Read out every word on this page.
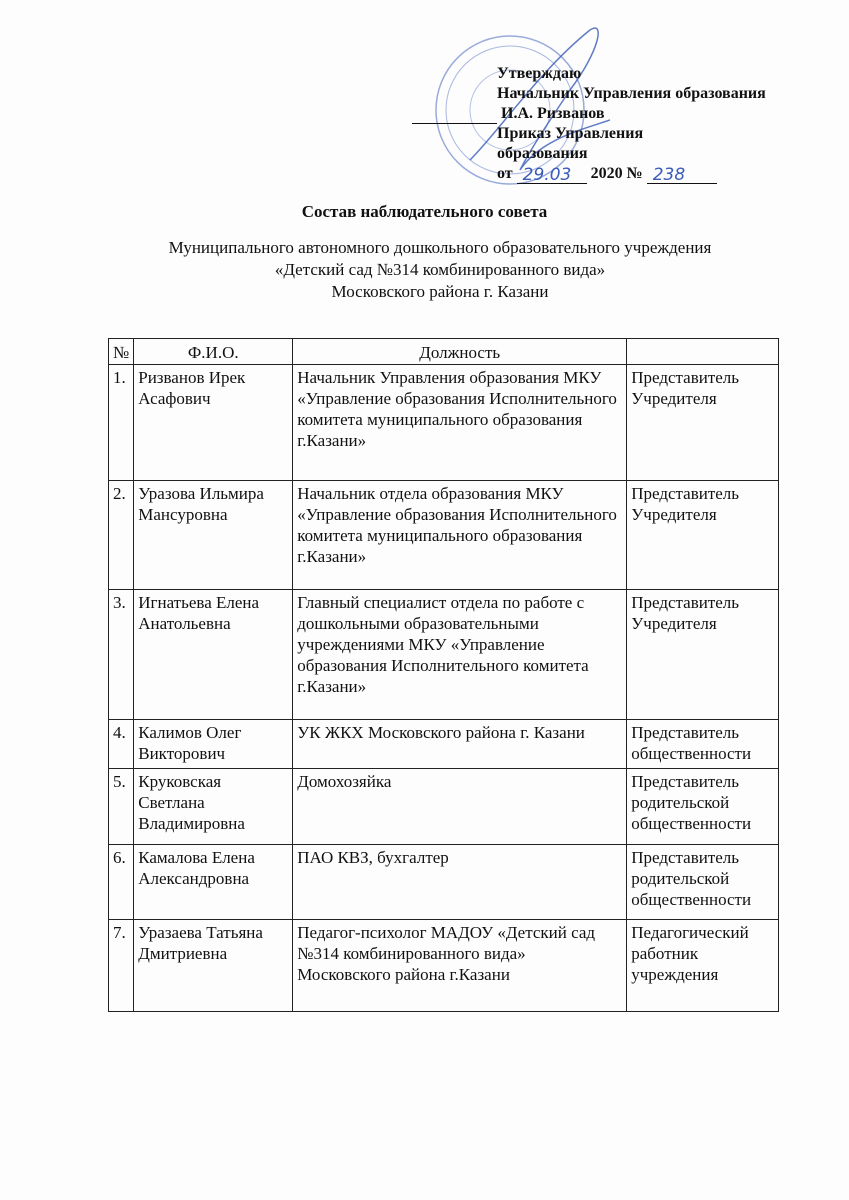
Утверждаю
Начальник Управления образования
И.А. Ризванов
Приказ Управления
образования
от 29.03 2020 № 238
Состав наблюдательного совета
Муниципального автономного дошкольного образовательного учреждения
«Детский сад №314 комбинированного вида»
Московского района г. Казани
№	Ф.И.О.	Должность	
1.	Ризванов Ирек Асафович	Начальник Управления образования МКУ «Управление образования Исполнительного комитета муниципального образования г.Казани»	Представитель Учредителя
2.	Уразова Ильмира Мансуровна	Начальник отдела образования МКУ «Управление образования Исполнительного комитета муниципального образования г.Казани»	Представитель Учредителя
3.	Игнатьева Елена Анатольевна	Главный специалист отдела по работе с дошкольными образовательными учреждениями МКУ «Управление образования Исполнительного комитета г.Казани»	Представитель Учредителя
4.	Калимов Олег Викторович	УК ЖКХ Московского района г. Казани	Представитель общественности
5.	Круковская Светлана Владимировна	Домохозяйка	Представитель родительской общественности
6.	Камалова Елена Александровна	ПАО КВЗ, бухгалтер	Представитель родительской общественности
7.	Уразаева Татьяна Дмитриевна	Педагог-психолог МАДОУ «Детский сад №314 комбинированного вида» Московского района г.Казани	Педагогический работник учреждения
